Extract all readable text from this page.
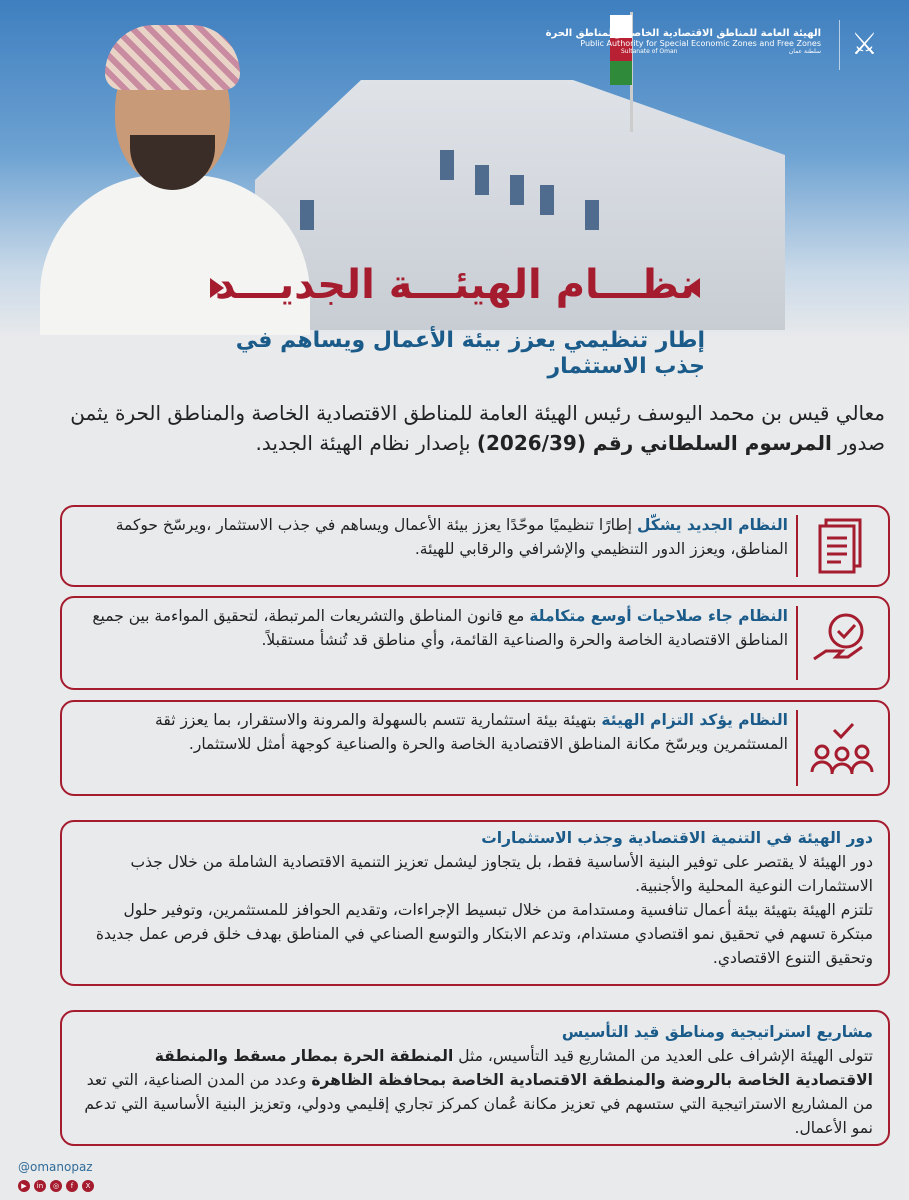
⚔
الهيئة العامة للمناطق الاقتصادية الخاصة والمناطق الحرة
Public Authority for Special Economic Zones and Free Zones
Sultanate of Oman	سلطنة عمان
نظـــام الهيئـــة الجديـــد
إطار تنظيمي يعزز بيئة الأعمال ويساهم في جذب الاستثمار
معالي قيس بن محمد اليوسف رئيس الهيئة العامة للمناطق الاقتصادية الخاصة والمناطق الحرة يثمن صدور المرسوم السلطاني رقم (2026/39) بإصدار نظام الهيئة الجديد.
النظام الجديد يشكّل إطارًا تنظيميًا موحّدًا يعزز بيئة الأعمال ويساهم في جذب الاستثمار ،ويرسّخ حوكمة المناطق، ويعزز الدور التنظيمي والإشرافي والرقابي للهيئة.
النظام جاء صلاحيات أوسع متكاملة مع قانون المناطق والتشريعات المرتبطة، لتحقيق المواءمة بين جميع المناطق الاقتصادية الخاصة والحرة والصناعية القائمة، وأي مناطق قد تُنشأ مستقبلاً.
النظام يؤكد التزام الهيئة بتهيئة بيئة استثمارية تتسم بالسهولة والمرونة والاستقرار، بما يعزز ثقة المستثمرين ويرسّخ مكانة المناطق الاقتصادية الخاصة والحرة والصناعية كوجهة أمثل للاستثمار.
دور الهيئة في التنمية الاقتصادية وجذب الاستثمارات
دور الهيئة لا يقتصر على توفير البنية الأساسية فقط، بل يتجاوز ليشمل تعزيز التنمية الاقتصادية الشاملة من خلال جذب الاستثمارات النوعية المحلية والأجنبية.
تلتزم الهيئة بتهيئة بيئة أعمال تنافسية ومستدامة من خلال تبسيط الإجراءات، وتقديم الحوافز للمستثمرين، وتوفير حلول مبتكرة تسهم في تحقيق نمو اقتصادي مستدام، وتدعم الابتكار والتوسع الصناعي في المناطق بهدف خلق فرص عمل جديدة وتحقيق التنوع الاقتصادي.
مشاريع استراتيجية ومناطق قيد التأسيس
تتولى الهيئة الإشراف على العديد من المشاريع قيد التأسيس، مثل المنطقة الحرة بمطار مسقط والمنطقة الاقتصادية الخاصة بالروضة والمنطقة الاقتصادية الخاصة بمحافظة الظاهرة وعدد من المدن الصناعية، التي تعد من المشاريع الاستراتيجية التي ستسهم في تعزيز مكانة عُمان كمركز تجاري إقليمي ودولي، وتعزيز البنية الأساسية التي تدعم نمو الأعمال.
@omanopaz
▶	in	◎	f	X
